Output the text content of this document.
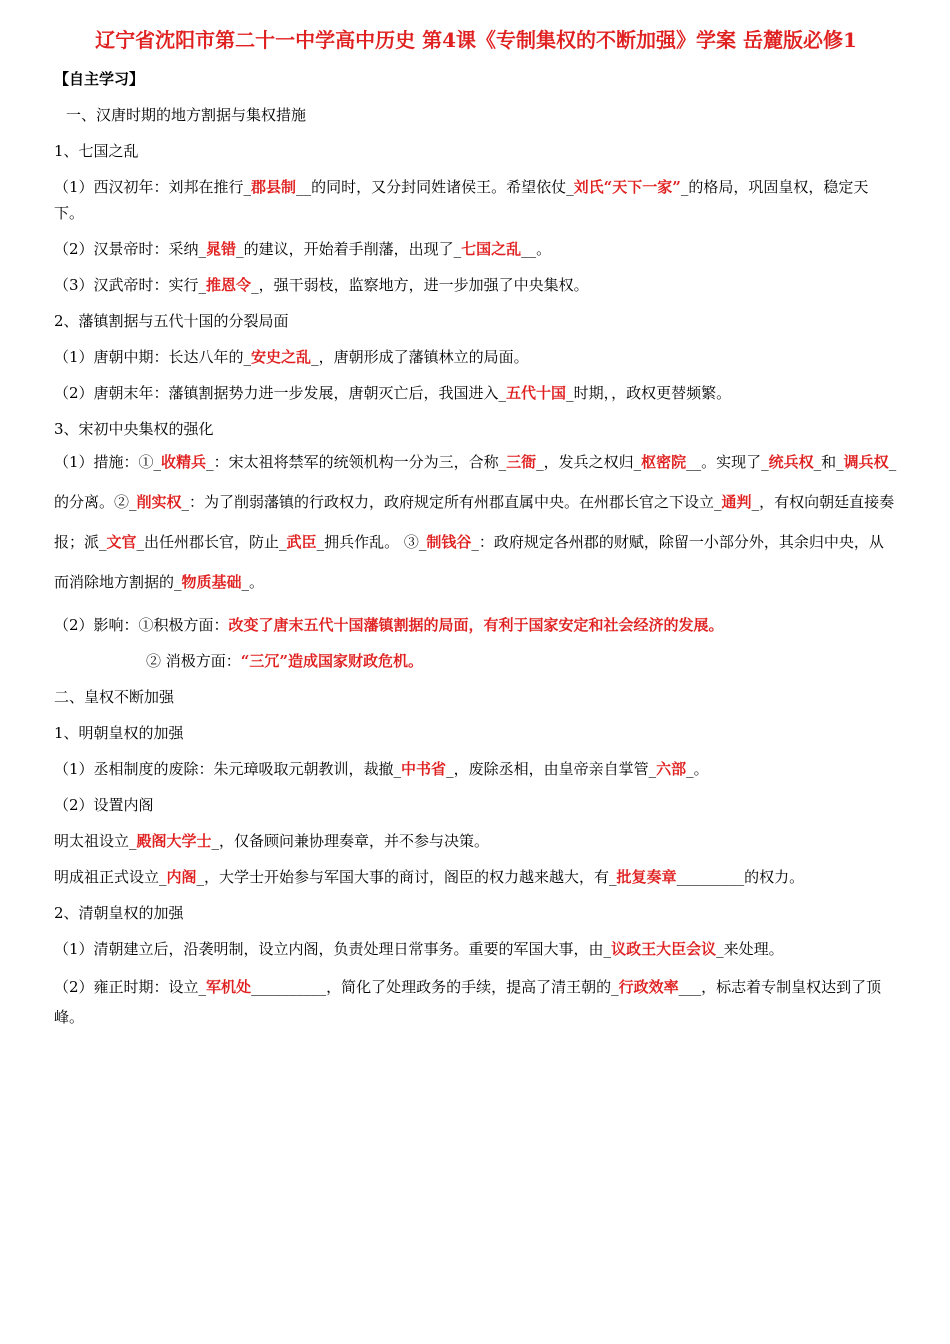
辽宁省沈阳市第二十一中学高中历史 第4课《专制集权的不断加强》学案 岳麓版必修1

【自主学习】

一、汉唐时期的地方割据与集权措施

1、七国之乱

（1）西汉初年：刘邦在推行_郡县制__的同时，又分封同姓诸侯王。希望依仗_刘氏“天下一家”_的格局，巩固皇权，稳定天下。

（2）汉景帝时：采纳_晁错_的建议，开始着手削藩，出现了_七国之乱__。

（3）汉武帝时：实行_推恩令_，强干弱枝，监察地方，进一步加强了中央集权。

2、藩镇割据与五代十国的分裂局面

（1）唐朝中期：长达八年的_安史之乱_，唐朝形成了藩镇林立的局面。

（2）唐朝末年：藩镇割据势力进一步发展，唐朝灭亡后，我国进入_五代十国_时期，，政权更替频繁。

3、宋初中央集权的强化

（1）措施：①_收精兵_：宋太祖将禁军的统领机构一分为三，合称_三衙_，发兵之权归_枢密院__。实现了_统兵权_和_调兵权_的分离。②_削实权_：为了削弱藩镇的行政权力，政府规定所有州郡直属中央。在州郡长官之下设立_通判_，有权向朝廷直接奏报；派_文官_出任州郡长官，防止_武臣_拥兵作乱。 ③_制钱谷_：政府规定各州郡的财赋，除留一小部分外，其余归中央，从而消除地方割据的_物质基础_。

（2）影响：①积极方面：改变了唐末五代十国藩镇割据的局面，有利于国家安定和社会经济的发展。

② 消极方面：“三冗”造成国家财政危机。

二、皇权不断加强

1、明朝皇权的加强

（1）丞相制度的废除：朱元璋吸取元朝教训，裁撤_中书省_，废除丞相，由皇帝亲自掌管_六部_。

（2）设置内阁

明太祖设立_殿阁大学士_，仅备顾问兼协理奏章，并不参与决策。

明成祖正式设立_内阁_，大学士开始参与军国大事的商讨，阁臣的权力越来越大，有_批复奏章_________的权力。

2、清朝皇权的加强

（1）清朝建立后，沿袭明制，设立内阁，负责处理日常事务。重要的军国大事，由_议政王大臣会议_来处理。

（2）雍正时期：设立_军机处__________，简化了处理政务的手续，提高了清王朝的_行政效率___，标志着专制皇权达到了顶峰。
